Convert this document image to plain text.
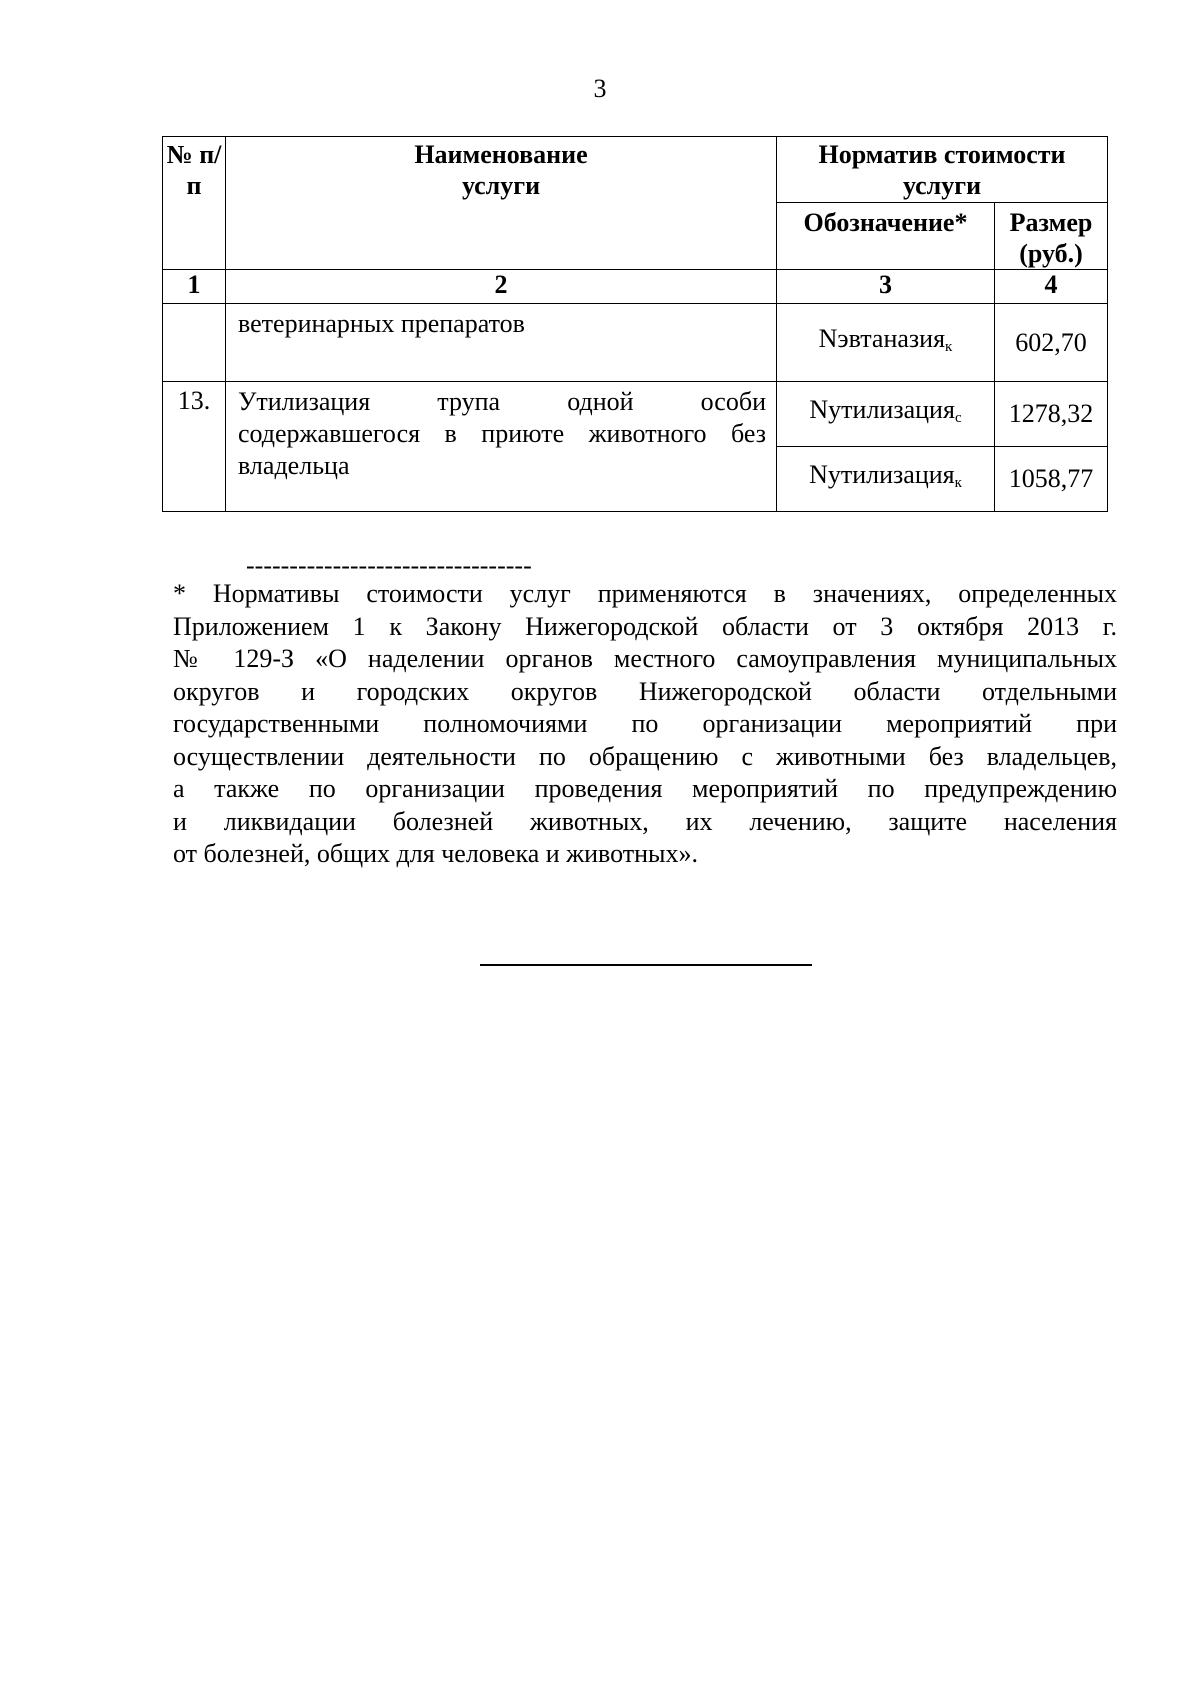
3
№ п/п	Наименование услуги	Норматив стоимости услуги	

		Обозначение*	Размер (руб.)

1	2	3	4
	ветеринарных препаратов	Nэвтаназия$_к$	602,70
13.	Утилизация трупа одной особи
содержавшегося в приюте животного без
владельца	Nутилизация$_с$	1278,32
		Nутилизация$_к$	1058,77
---------------------------------
* Нормативы стоимости услуг применяются в значениях, определенных
Приложением 1 к Закону Нижегородской области от 3 октября 2013 г.
№ 129-З «О наделении органов местного самоуправления муниципальных
округов и городских округов Нижегородской области отдельными
государственными полномочиями по организации мероприятий при
осуществлении деятельности по обращению с животными без владельцев,
а также по организации проведения мероприятий по предупреждению
и ликвидации болезней животных, их лечению, защите населения
от болезней, общих для человека и животных».
